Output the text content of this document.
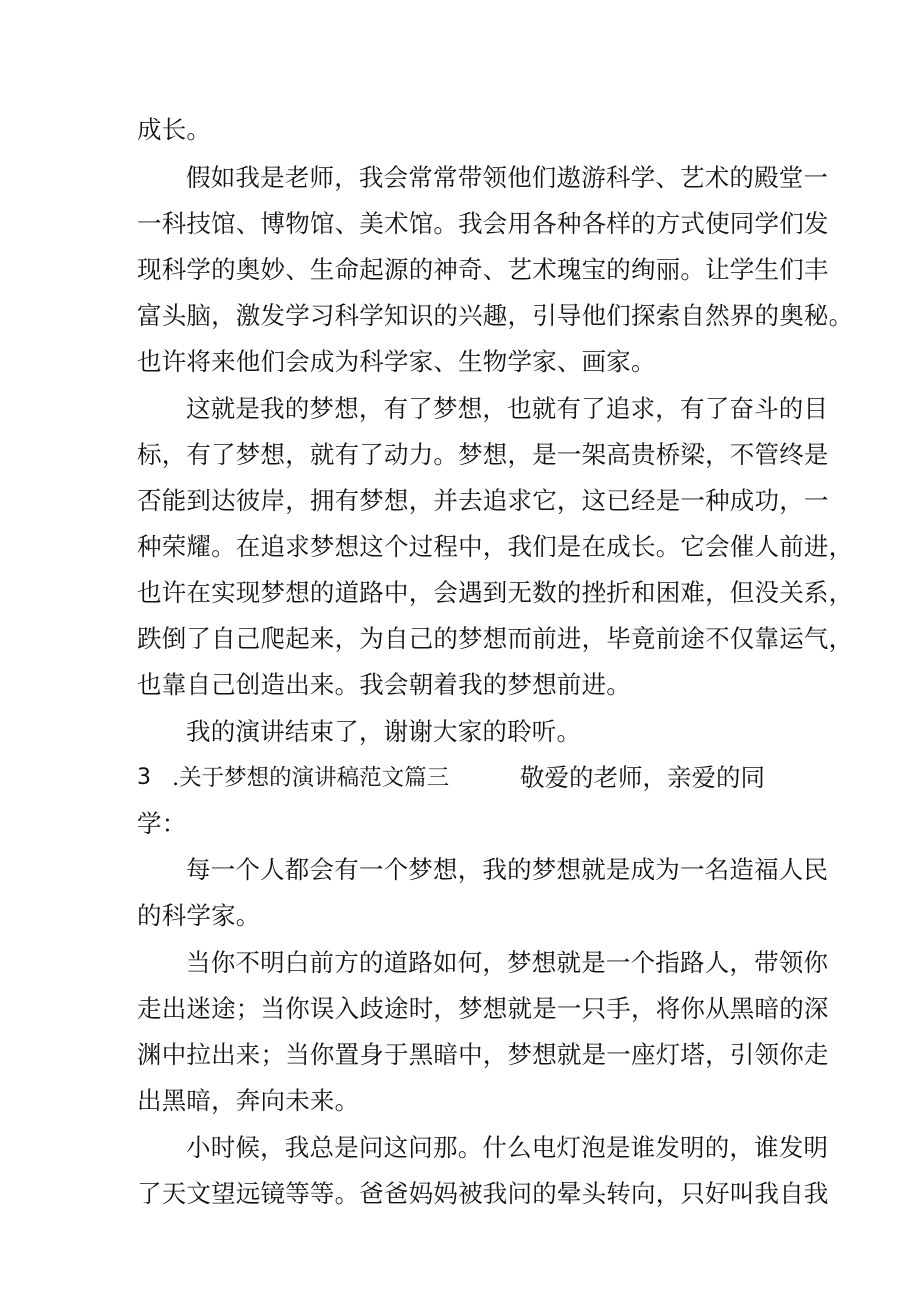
成长。
假如我是老师，我会常常带领他们遨游科学、艺术的殿堂一
一科技馆、博物馆、美术馆。我会用各种各样的方式使同学们发
现科学的奥妙、生命起源的神奇、艺术瑰宝的绚丽。让学生们丰
富头脑，激发学习科学知识的兴趣，引导他们探索自然界的奥秘。
也许将来他们会成为科学家、生物学家、画家。
这就是我的梦想，有了梦想，也就有了追求，有了奋斗的目
标，有了梦想，就有了动力。梦想，是一架高贵桥梁，不管终是
否能到达彼岸，拥有梦想，并去追求它，这已经是一种成功，一
种荣耀。在追求梦想这个过程中，我们是在成长。它会催人前进，
也许在实现梦想的道路中，会遇到无数的挫折和困难，但没关系，
跌倒了自己爬起来，为自己的梦想而前进，毕竟前途不仅靠运气，
也靠自己创造出来。我会朝着我的梦想前进。
我的演讲结束了，谢谢大家的聆听。
3 .关于梦想的演讲稿范文篇三	敬爱的老师，亲爱的同
学：
每一个人都会有一个梦想，我的梦想就是成为一名造福人民
的科学家。
当你不明白前方的道路如何，梦想就是一个指路人，带领你
走出迷途；当你误入歧途时，梦想就是一只手，将你从黑暗的深
渊中拉出来；当你置身于黑暗中，梦想就是一座灯塔，引领你走
出黑暗，奔向未来。
小时候，我总是问这问那。什么电灯泡是谁发明的，谁发明
了天文望远镜等等。爸爸妈妈被我问的晕头转向，只好叫我自我
